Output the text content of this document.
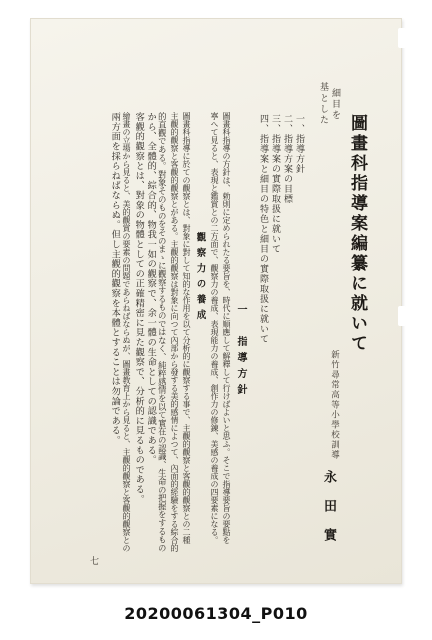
圖畫科指導案編纂に就いて
細目を
基とした
新竹尋常高等小學校訓導
永田實
一、指導方針
二、指導方案の目標
三、指導案の實際取扱に就いて
四、指導案と細目の特色と細目の實際取扱に就いて
一　指導方針
圖畫科指導の方針は、勅則に定められたる要旨を、時代に順應して解釋して行けばよいと思ふ。そこで指導要旨の要點を
寧へて見ると、表現と鑑賞との二方面で、觀察力の養成、表現能力の養成、創作力の修錬、美感の養成の四要素になる。
觀察力の養成
圖畫科指導に於ての觀察とは、對象に對して知的な作用を以て分析的に觀察する事で、主觀的觀察と客觀的觀察との二種
主觀的觀察と客觀的觀察とがある。主觀的觀察は對象に向つて內部から發する美的感情によつて、內面的經驗をする綜合的
的直觀である。對象そのものをそのまゝに觀察するものではなく、純粹感情を以て實在の認識、生命の把握をするもの
から、全體的、綜合的、物我一如の觀察で、余一體の生命としての認識である。
客觀的觀察とは、對象の物體としての正確精密に見た觀察で、分析的に見るものである。
繪畫の立場から見ると、美的觀賞の要素の問題であらねばならぬが、圖畫教育上から見ると、主觀的觀察と客觀的觀察との
兩方面を採らねばならぬ。但し主觀的觀察を本體とすることは勿論である。
七
20200061304_P010
